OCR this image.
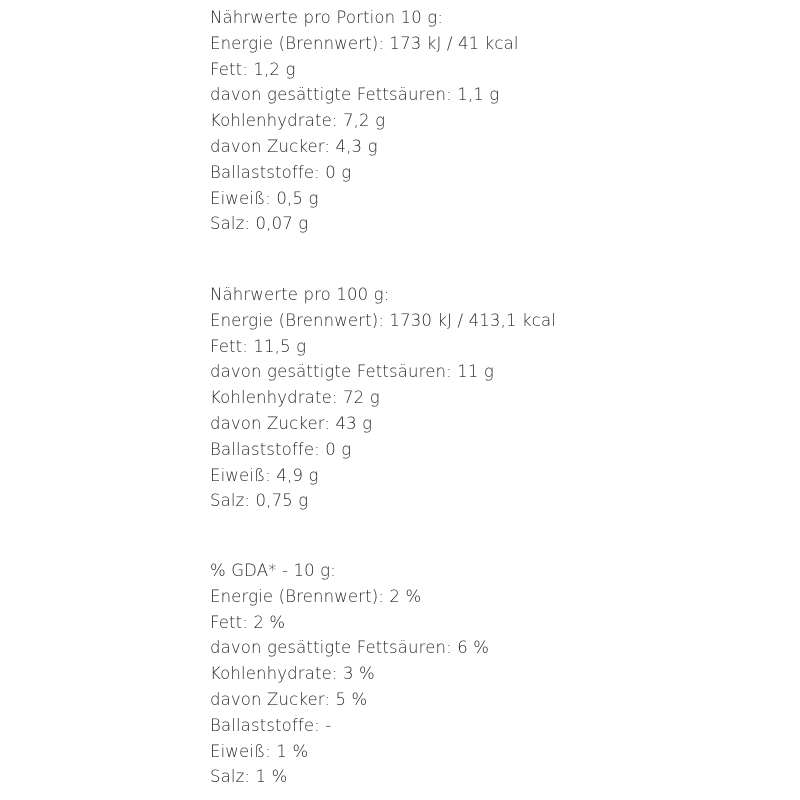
Nährwerte pro Portion 10 g:
Energie (Brennwert): 173 kJ / 41 kcal
Fett: 1,2 g
davon gesättigte Fettsäuren: 1,1 g
Kohlenhydrate: 7,2 g
davon Zucker: 4,3 g
Ballaststoffe: 0 g
Eiweiß: 0,5 g
Salz: 0,07 g
Nährwerte pro 100 g:
Energie (Brennwert): 1730 kJ / 413,1 kcal
Fett: 11,5 g
davon gesättigte Fettsäuren: 11 g
Kohlenhydrate: 72 g
davon Zucker: 43 g
Ballaststoffe: 0 g
Eiweiß: 4,9 g
Salz: 0,75 g
% GDA* - 10 g:
Energie (Brennwert): 2 %
Fett: 2 %
davon gesättigte Fettsäuren: 6 %
Kohlenhydrate: 3 %
davon Zucker: 5 %
Ballaststoffe: -
Eiweiß: 1 %
Salz: 1 %
